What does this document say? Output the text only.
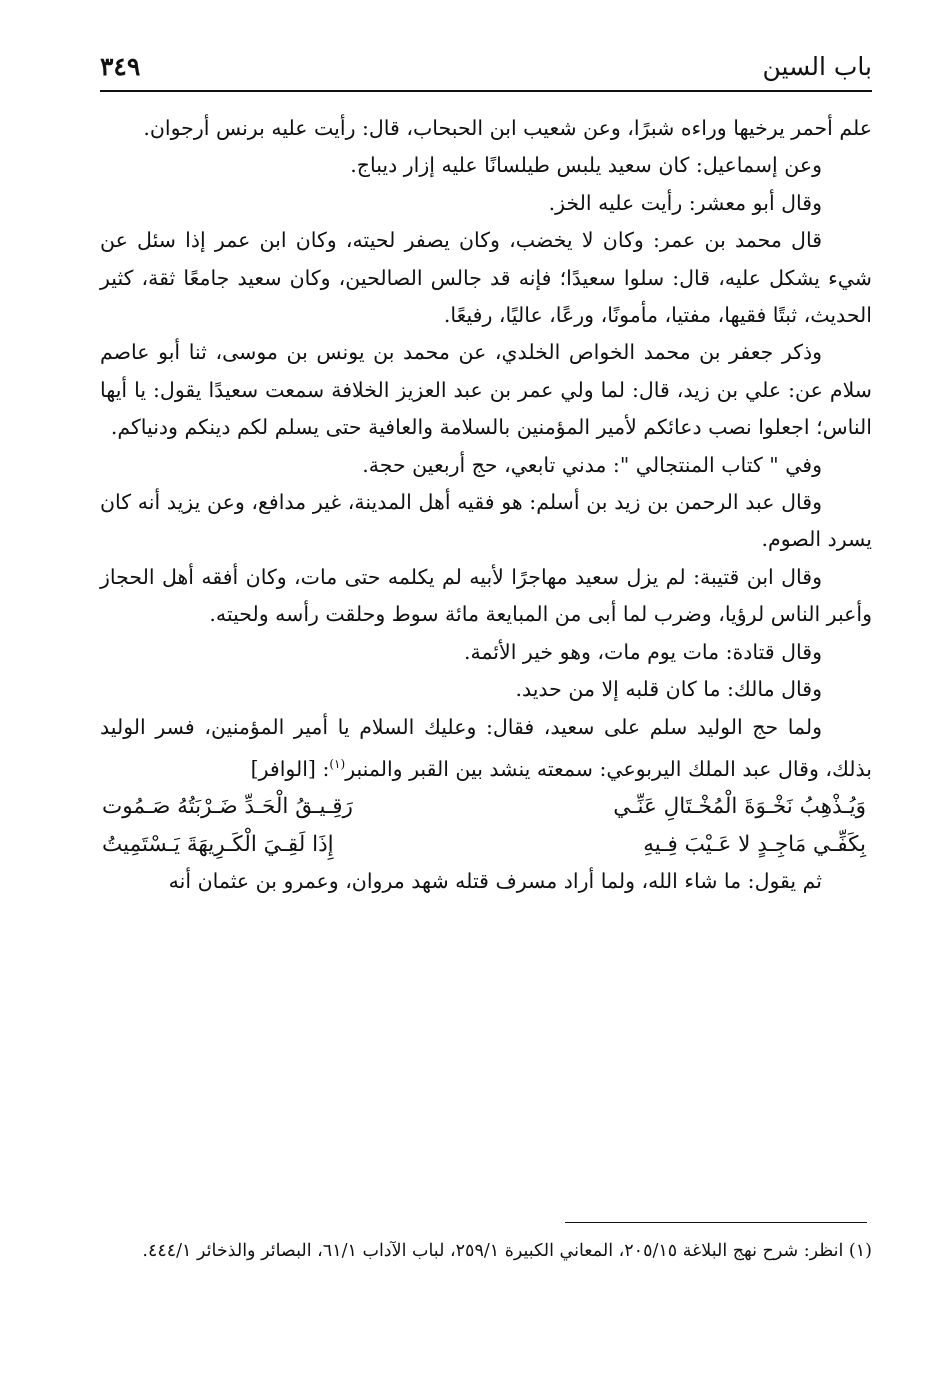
باب السين
٣٤٩

علم أحمر يرخيها وراءه شبرًا، وعن شعيب ابن الحبحاب، قال: رأيت عليه برنس أرجوان.

وعن إسماعيل: كان سعيد يلبس طيلسانًا عليه إزار ديباج.

وقال أبو معشر: رأيت عليه الخز.

قال محمد بن عمر: وكان لا يخضب، وكان يصفر لحيته، وكان ابن عمر إذا سئل عن شيء يشكل عليه، قال: سلوا سعيدًا؛ فإنه قد جالس الصالحين، وكان سعيد جامعًا ثقة، كثير الحديث، ثبتًا فقيها، مفتيا، مأمونًا، ورعًا، عاليًا، رفيعًا.

وذكر جعفر بن محمد الخواص الخلدي، عن محمد بن يونس بن موسى، ثنا أبو عاصم سلام عن: علي بن زيد، قال: لما ولي عمر بن عبد العزيز الخلافة سمعت سعيدًا يقول: يا أيها الناس؛ اجعلوا نصب دعائكم لأمير المؤمنين بالسلامة والعافية حتى يسلم لكم دينكم ودنياكم.

وفي " كتاب المنتجالي ": مدني تابعي، حج أربعين حجة.

وقال عبد الرحمن بن زيد بن أسلم: هو فقيه أهل المدينة، غير مدافع، وعن يزيد أنه كان يسرد الصوم.

وقال ابن قتيبة: لم يزل سعيد مهاجرًا لأبيه لم يكلمه حتى مات، وكان أفقه أهل الحجاز وأعبر الناس لرؤيا، وضرب لما أبى من المبايعة مائة سوط وحلقت رأسه ولحيته.

وقال قتادة: مات يوم مات، وهو خير الأئمة.

وقال مالك: ما كان قلبه إلا من حديد.

ولما حج الوليد سلم على سعيد، فقال: وعليك السلام يا أمير المؤمنين، فسر الوليد بذلك، وقال عبد الملك اليربوعي: سمعته ينشد بين القبر والمنبر$^{(١)}$: [الوافر]

وَيُـذْهِبُ نَخْـوَةَ الْمُخْـتَالِ عَنِّـي
رَقِـيـقُ الْحَـدِّ ضَـرْبَتُهُ صَـمُوت
بِكَفِّـي مَاجِـدٍ لا عَـيْبَ فِـيهِ
إِذَا لَقِـيَ الْكَـرِيهَةَ يَـسْتَمِيتُ

ثم يقول: ما شاء الله، ولما أراد مسرف قتله شهد مروان، وعمرو بن عثمان أنه

(١) انظر: شرح نهج البلاغة ٢٠٥/١٥، المعاني الكبيرة ٢٥٩/١، لباب الآداب ٦١/١، البصائر والذخائر ٤٤٤/١.
